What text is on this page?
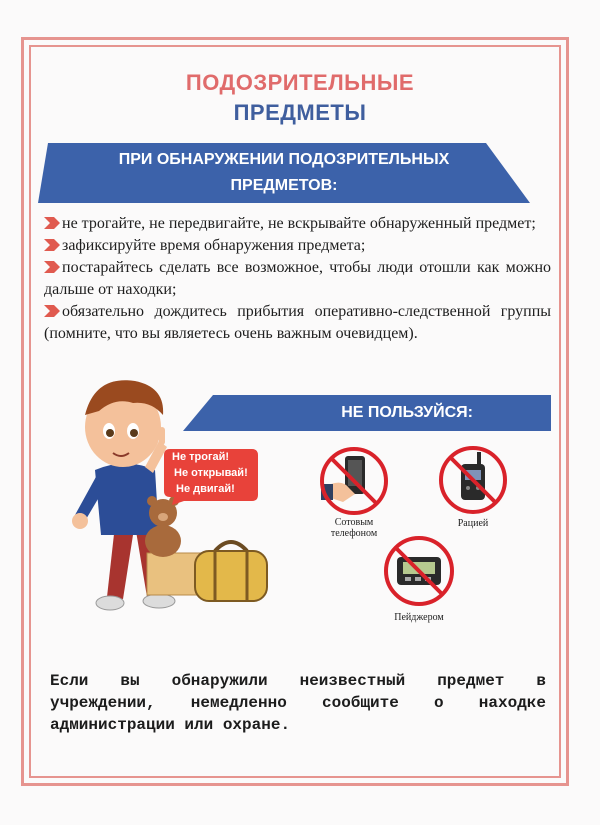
ПОДОЗРИТЕЛЬНЫЕ
ПРЕДМЕТЫ
ПРИ ОБНАРУЖЕНИИ ПОДОЗРИТЕЛЬНЫХ
ПРЕДМЕТОВ:
не трогайте, не передвигайте, не вскрывайте обнаруженный предмет;
зафиксируйте время обнаружения предмета;
постарайтесь сделать все возможное, чтобы люди отошли как можно дальше от находки;
обязательно дождитесь прибытия оперативно-следственной группы (помните, что вы являетесь очень важным очевидцем).
Не трогай!
Не открывай!
Не двигай!
НЕ ПОЛЬЗУЙСЯ:
Сотовым
телефоном
Рацией
Пейджером
Если вы обнаружили неизвестный предмет в учреждении, немедленно сообщите о находке администрации или охране.
